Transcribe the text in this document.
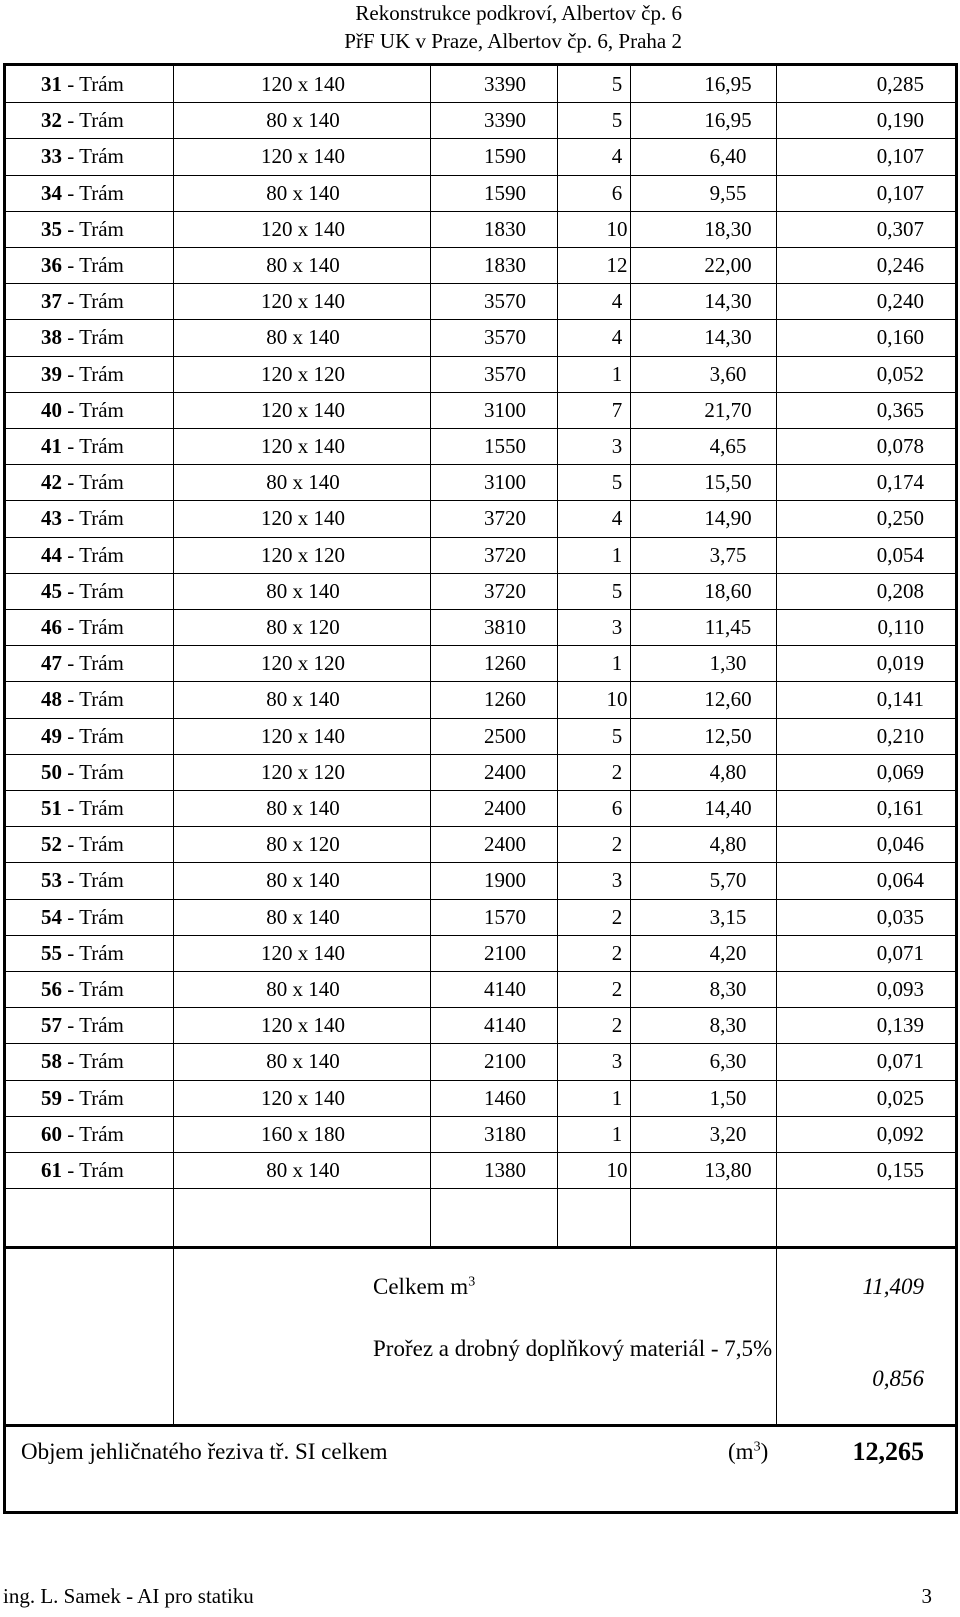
Rekonstrukce podkroví, Albertov čp. 6
PřF UK v Praze, Albertov čp. 6, Praha 2
31 - Trám	120 x 140	3390	5	16,95	0,285
32 - Trám	80 x 140	3390	5	16,95	0,190
33 - Trám	120 x 140	1590	4	6,40	0,107
34 - Trám	80 x 140	1590	6	9,55	0,107
35 - Trám	120 x 140	1830	10	18,30	0,307
36 - Trám	80 x 140	1830	12	22,00	0,246
37 - Trám	120 x 140	3570	4	14,30	0,240
38 - Trám	80 x 140	3570	4	14,30	0,160
39 - Trám	120 x 120	3570	1	3,60	0,052
40 - Trám	120 x 140	3100	7	21,70	0,365
41 - Trám	120 x 140	1550	3	4,65	0,078
42 - Trám	80 x 140	3100	5	15,50	0,174
43 - Trám	120 x 140	3720	4	14,90	0,250
44 - Trám	120 x 120	3720	1	3,75	0,054
45 - Trám	80 x 140	3720	5	18,60	0,208
46 - Trám	80 x 120	3810	3	11,45	0,110
47 - Trám	120 x 120	1260	1	1,30	0,019
48 - Trám	80 x 140	1260	10	12,60	0,141
49 - Trám	120 x 140	2500	5	12,50	0,210
50 - Trám	120 x 120	2400	2	4,80	0,069
51 - Trám	80 x 140	2400	6	14,40	0,161
52 - Trám	80 x 120	2400	2	4,80	0,046
53 - Trám	80 x 140	1900	3	5,70	0,064
54 - Trám	80 x 140	1570	2	3,15	0,035
55 - Trám	120 x 140	2100	2	4,20	0,071
56 - Trám	80 x 140	4140	2	8,30	0,093
57 - Trám	120 x 140	4140	2	8,30	0,139
58 - Trám	80 x 140	2100	3	6,30	0,071
59 - Trám	120 x 140	1460	1	1,50	0,025
60 - Trám	160 x 180	3180	1	3,20	0,092
61 - Trám	80 x 140	1380	10	13,80	0,155
Celkem $m^3$	11,409
Prořez a drobný doplňkový materiál - 7,5%
0,856
Objem jehličnatého řeziva tř. SI celkem	$(m^3)$	12,265
ing. L. Samek - AI pro statiku	3
